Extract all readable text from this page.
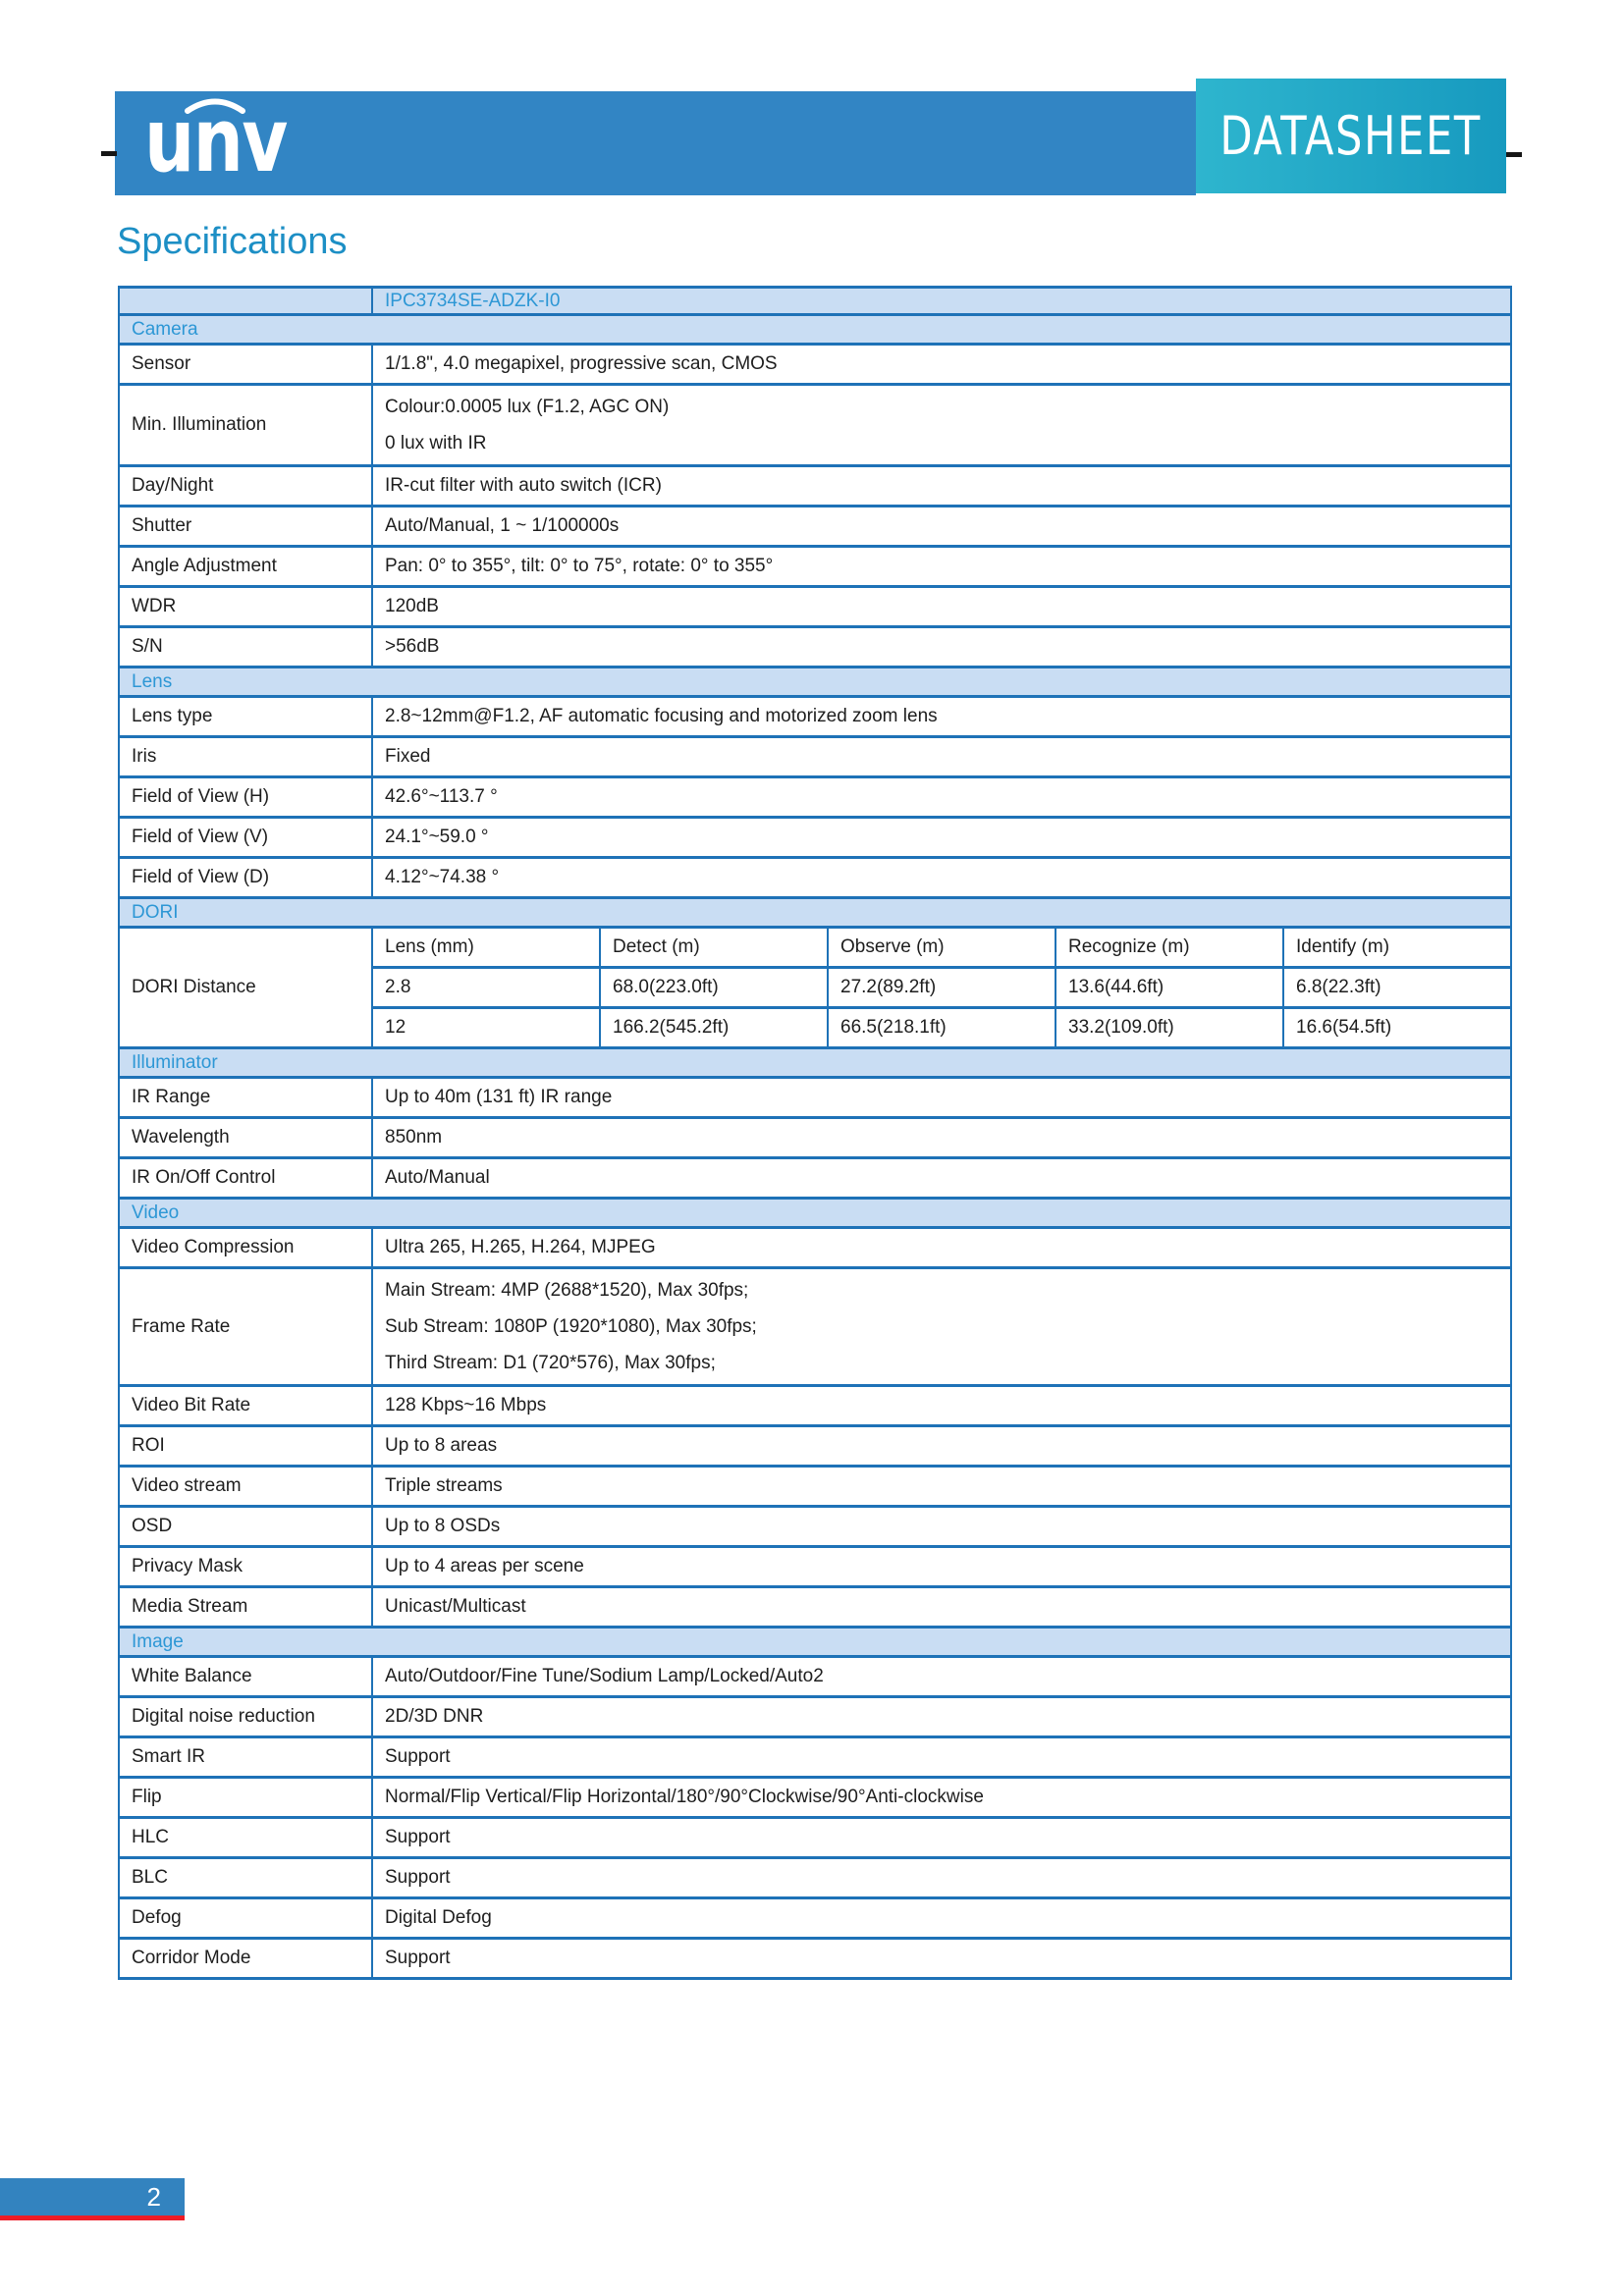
unv	DATASHEET
Specifications
	IPC3734SE-ADZK-I0				
Camera					
Sensor	1/1.8", 4.0 megapixel, progressive scan, CMOS				
Min. Illumination	Colour:0.0005 lux (F1.2, AGC ON)
0 lux with IR				

Day/Night	IR-cut filter with auto switch (ICR)				
Shutter	Auto/Manual, 1 ~ 1/100000s				
Angle Adjustment	Pan: 0° to 355°, tilt: 0° to 75°, rotate: 0° to 355°				
WDR	120dB				
S/N	>56dB				
Lens					
Lens type	2.8~12mm@F1.2, AF automatic focusing and motorized zoom lens				
Iris	Fixed				
Field of View (H)	42.6°~113.7 °				
Field of View (V)	24.1°~59.0 °				
Field of View (D)	4.12°~74.38 °				
DORI					
DORI Distance	Lens (mm)	Detect (m)	Observe (m)	Recognize (m)	Identify (m)
	2.8	68.0(223.0ft)	27.2(89.2ft)	13.6(44.6ft)	6.8(22.3ft)
	12	166.2(545.2ft)	66.5(218.1ft)	33.2(109.0ft)	16.6(54.5ft)
Illuminator					
IR Range	Up to 40m (131 ft) IR range				
Wavelength	850nm				
IR On/Off Control	Auto/Manual				
Video					
Video Compression	Ultra 265, H.265, H.264, MJPEG				
Frame Rate	Main Stream: 4MP (2688*1520), Max 30fps;
Sub Stream: 1080P (1920*1080), Max 30fps;
Third Stream: D1 (720*576), Max 30fps;				

Video Bit Rate	128 Kbps~16 Mbps				
ROI	Up to 8 areas				
Video stream	Triple streams				
OSD	Up to 8 OSDs				
Privacy Mask	Up to 4 areas per scene				
Media Stream	Unicast/Multicast				
Image					
White Balance	Auto/Outdoor/Fine Tune/Sodium Lamp/Locked/Auto2				
Digital noise reduction	2D/3D DNR				
Smart IR	Support				
Flip	Normal/Flip Vertical/Flip Horizontal/180°/90°Clockwise/90°Anti-clockwise				
HLC	Support				
BLC	Support				
Defog	Digital Defog				
Corridor Mode	Support				
2
